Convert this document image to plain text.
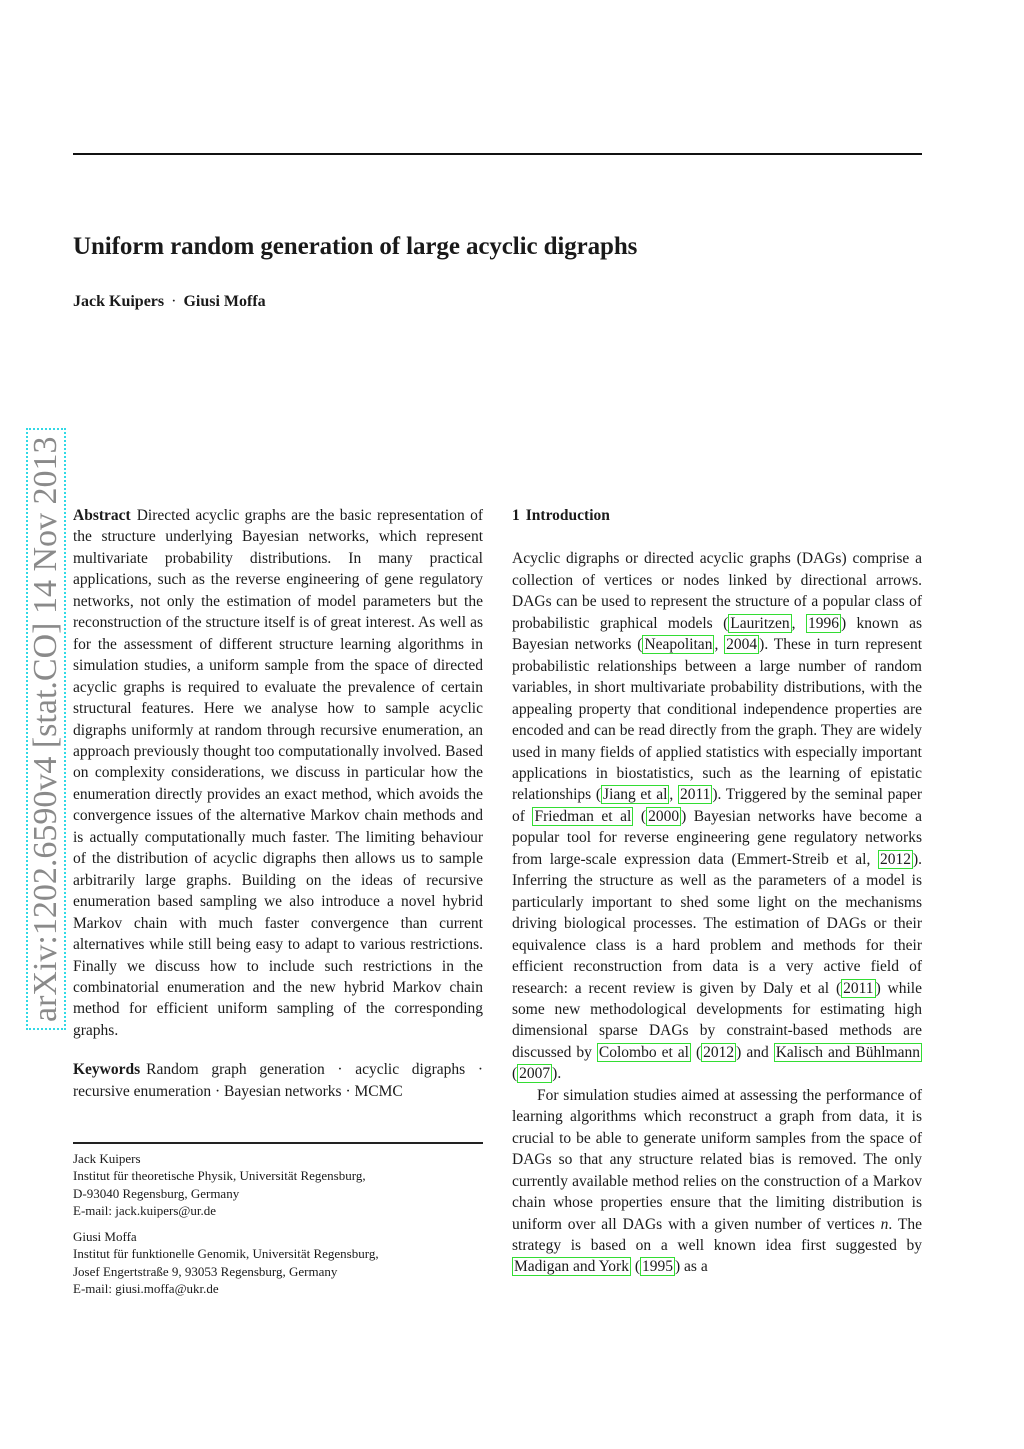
Uniform random generation of large acyclic digraphs
Jack Kuipers · Giusi Moffa
arXiv:1202.6590v4 [stat.CO] 14 Nov 2013 Abstract Directed acyclic graphs are the basic representation of the structure underlying Bayesian networks, which represent multivariate probability distributions. In many practical applications, such as the reverse engineering of gene regulatory networks, not only the estimation of model parameters but the reconstruction of the structure itself is of great interest. As well as for the assessment of different structure learning algorithms in simulation studies, a uniform sample from the space of directed acyclic graphs is required to evaluate the prevalence of certain structural features. Here we analyse how to sample acyclic digraphs uniformly at random through recursive enumeration, an approach previously thought too computationally involved. Based on complexity considerations, we discuss in particular how the enumeration directly provides an exact method, which avoids the convergence issues of the alternative Markov chain methods and is actually computationally much faster. The limiting behaviour of the distribution of acyclic digraphs then allows us to sample arbitrarily large graphs. Building on the ideas of recursive enumeration based sampling we also introduce a novel hybrid Markov chain with much faster convergence than current alternatives while still being easy to adapt to various restrictions. Finally we discuss how to include such restrictions in the combinatorial enumeration and the new hybrid Markov chain method for efficient uniform sampling of the corresponding graphs.

Keywords Random graph generation · acyclic digraphs · recursive enumeration · Bayesian networks · MCMC

Jack Kuipers
Institut für theoretische Physik, Universität Regensburg,
D-93040 Regensburg, Germany
E-mail: jack.kuipers@ur.de
Giusi Moffa
Institut für funktionelle Genomik, Universität Regensburg,
Josef Engertstraße 9, 93053 Regensburg, Germany
E-mail: giusi.moffa@ukr.de

1 Introduction

Acyclic digraphs or directed acyclic graphs (DAGs) comprise a collection of vertices or nodes linked by directional arrows. DAGs can be used to represent the structure of a popular class of probabilistic graphical models ( Lauritzen , 1996 ) known as Bayesian networks ( Neapolitan , 2004 ). These in turn represent probabilistic relationships between a large number of random variables, in short multivariate probability distributions, with the appealing property that conditional independence properties are encoded and can be read directly from the graph. They are widely used in many fields of applied statistics with especially important applications in biostatistics, such as the learning of epistatic relationships ( Jiang et al , 2011 ). Triggered by the seminal paper of Friedman et al ( 2000 ) Bayesian networks have become a popular tool for reverse engineering gene regulatory networks from large-scale expression data (Emmert-Streib et al, 2012 ). Inferring the structure as well as the parameters of a model is particularly important to shed some light on the mechanisms driving biological processes. The estimation of DAGs or their equivalence class is a hard problem and methods for their efficient reconstruction from data is a very active field of research: a recent review is given by Daly et al ( 2011 ) while some new methodological developments for estimating high dimensional sparse DAGs by constraint-based methods are discussed by Colombo et al ( 2012 ) and Kalisch and Bühlmann ( 2007 ).

For simulation studies aimed at assessing the performance of learning algorithms which reconstruct a graph from data, it is crucial to be able to generate uniform samples from the space of DAGs so that any structure related bias is removed. The only currently available method relies on the construction of a Markov chain whose properties ensure that the limiting distribution is uniform over all DAGs with a given number of vertices n. The strategy is based on a well known idea first suggested by Madigan and York ( 1995 ) as a
